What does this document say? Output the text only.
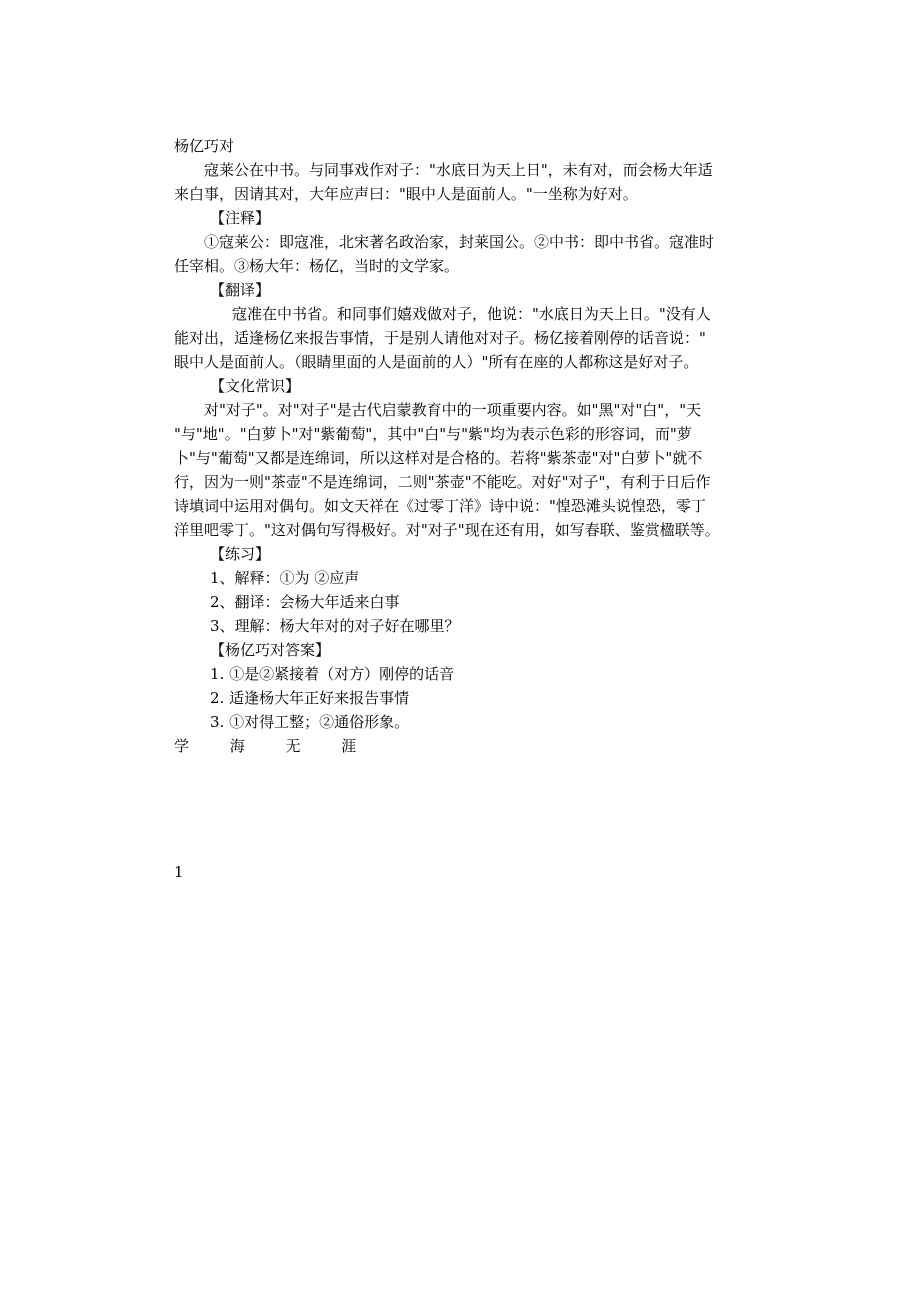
杨亿巧对
寇莱公在中书。与同事戏作对子："水底日为天上日"，未有对，而会杨大年适
来白事，因请其对，大年应声曰："眼中人是面前人。"一坐称为好对。
【注释】
①寇莱公：即寇准，北宋著名政治家，封莱国公。②中书：即中书省。寇准时
任宰相。③杨大年：杨亿，当时的文学家。
【翻译】
寇准在中书省。和同事们嬉戏做对子，他说："水底日为天上日。"没有人
能对出，适逢杨亿来报告事情，于是别人请他对对子。杨亿接着刚停的话音说："
眼中人是面前人。（眼睛里面的人是面前的人）"所有在座的人都称这是好对子。
【文化常识】
对"对子"。对"对子"是古代启蒙教育中的一项重要内容。如"黑"对"白"，"天
"与"地"。"白萝卜"对"紫葡萄"，其中"白"与"紫"均为表示色彩的形容词，而"萝
卜"与"葡萄"又都是连绵词，所以这样对是合格的。若将"紫茶壶"对"白萝卜"就不
行，因为一则"茶壶"不是连绵词，二则"茶壶"不能吃。对好"对子"，有利于日后作
诗填词中运用对偶句。如文天祥在《过零丁洋》诗中说："惶恐滩头说惶恐，零丁
洋里吧零丁。"这对偶句写得极好。对"对子"现在还有用，如写春联、鉴赏楹联等。
【练习】
1、解释：①为 ②应声
2、翻译：会杨大年适来白事
3、理解：杨大年对的对子好在哪里？
【杨亿巧对答案】
1. ①是②紧接着（对方）刚停的话音
2. 适逢杨大年正好来报告事情
3. ①对得工整；②通俗形象。
学 海 无 涯
1
